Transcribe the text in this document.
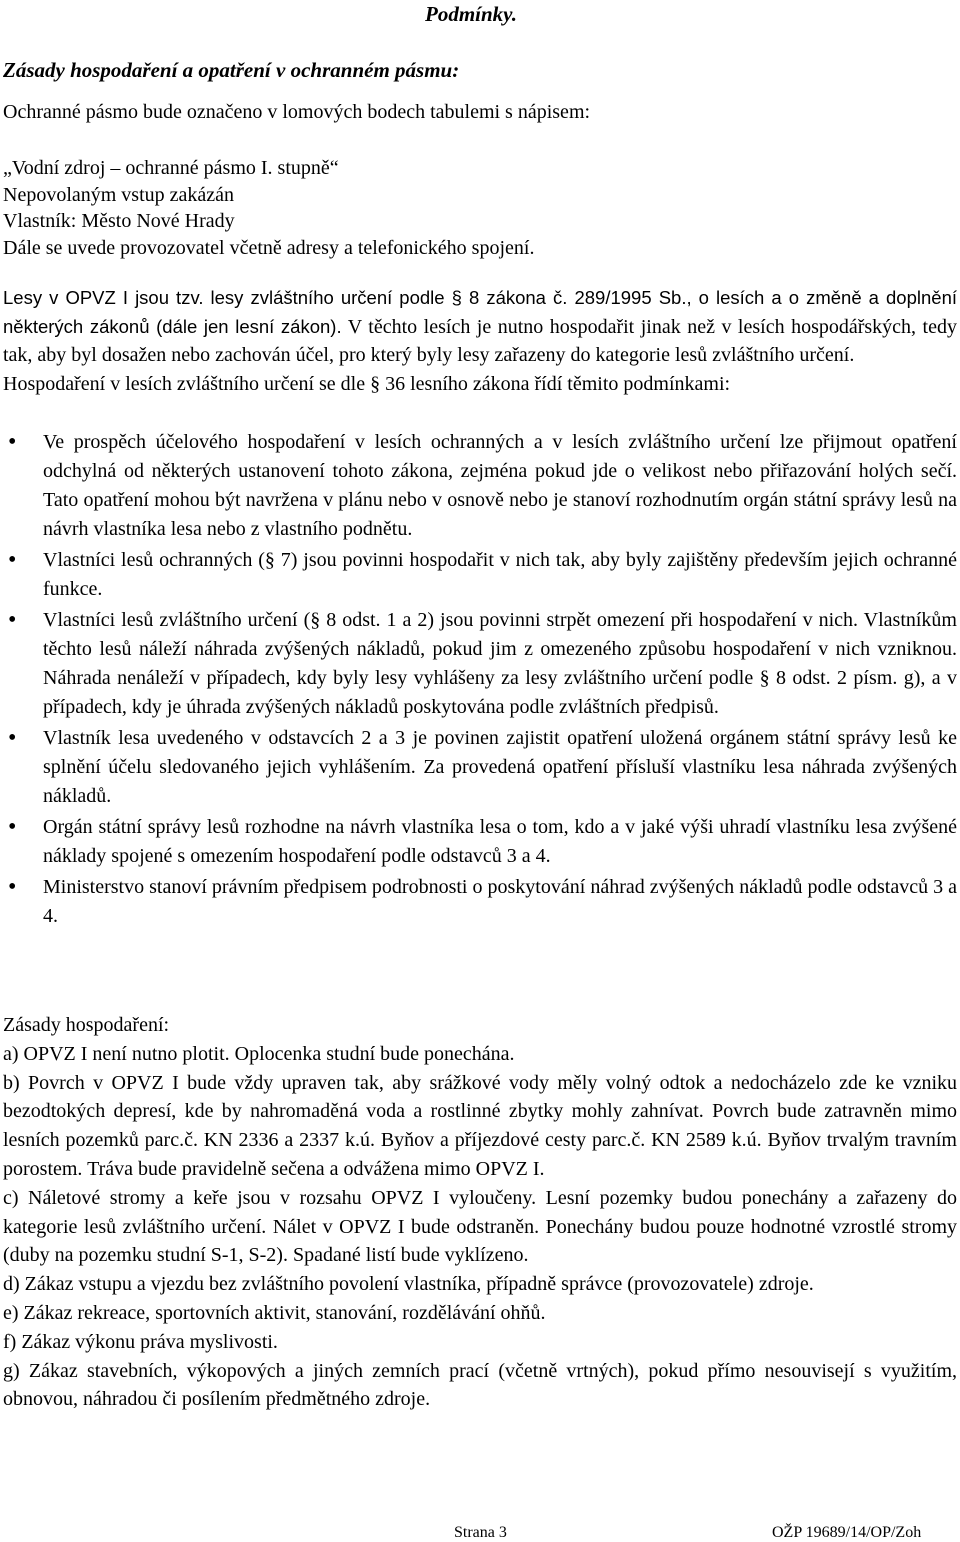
Podmínky.
Zásady hospodaření a opatření v ochranném pásmu:

Ochranné pásmo bude označeno v lomových bodech tabulemi s nápisem:

„Vodní zdroj – ochranné pásmo I. stupně“
Nepovolaným vstup zakázán
Vlastník: Město Nové Hrady
Dále se uvede provozovatel včetně adresy a telefonického spojení.

Lesy v OPVZ I jsou tzv. lesy zvláštního určení podle § 8 zákona č. 289/1995 Sb., o lesích a o změně a doplnění některých zákonů (dále jen lesní zákon). V těchto lesích je nutno hospodařit jinak než v lesích hospodářských, tedy tak, aby byl dosažen nebo zachován účel, pro který byly lesy zařazeny do kategorie lesů zvláštního určení.

Hospodaření v lesích zvláštního určení se dle § 36 lesního zákona řídí těmito podmínkami:

• Ve prospěch účelového hospodaření v lesích ochranných a v lesích zvláštního určení lze přijmout opatření odchylná od některých ustanovení tohoto zákona, zejména pokud jde o velikost nebo přiřazování holých sečí. Tato opatření mohou být navržena v plánu nebo v osnově nebo je stanoví rozhodnutím orgán státní správy lesů na návrh vlastníka lesa nebo z vlastního podnětu.
• Vlastníci lesů ochranných (§ 7) jsou povinni hospodařit v nich tak, aby byly zajištěny především jejich ochranné funkce.
• Vlastníci lesů zvláštního určení (§ 8 odst. 1 a 2) jsou povinni strpět omezení při hospodaření v nich. Vlastníkům těchto lesů náleží náhrada zvýšených nákladů, pokud jim z omezeného způsobu hospodaření v nich vzniknou. Náhrada nenáleží v případech, kdy byly lesy vyhlášeny za lesy zvláštního určení podle § 8 odst. 2 písm. g), a v případech, kdy je úhrada zvýšených nákladů poskytována podle zvláštních předpisů.
• Vlastník lesa uvedeného v odstavcích 2 a 3 je povinen zajistit opatření uložená orgánem státní správy lesů ke splnění účelu sledovaného jejich vyhlášením. Za provedená opatření přísluší vlastníku lesa náhrada zvýšených nákladů.
• Orgán státní správy lesů rozhodne na návrh vlastníka lesa o tom, kdo a v jaké výši uhradí vlastníku lesa zvýšené náklady spojené s omezením hospodaření podle odstavců 3 a 4.
• Ministerstvo stanoví právním předpisem podrobnosti o poskytování náhrad zvýšených nákladů podle odstavců 3 a 4.

Zásady hospodaření:

a) OPVZ I není nutno plotit. Oplocenka studní bude ponechána.

b) Povrch v OPVZ I bude vždy upraven tak, aby srážkové vody měly volný odtok a nedocházelo zde ke vzniku bezodtokých depresí, kde by nahromaděná voda a rostlinné zbytky mohly zahnívat. Povrch bude zatravněn mimo lesních pozemků parc.č. KN 2336 a 2337 k.ú. Byňov a příjezdové cesty parc.č. KN 2589 k.ú. Byňov trvalým travním porostem. Tráva bude pravidelně sečena a odvážena mimo OPVZ I.

c) Náletové stromy a keře jsou v rozsahu OPVZ I vyloučeny. Lesní pozemky budou ponechány a zařazeny do kategorie lesů zvláštního určení. Nálet v OPVZ I bude odstraněn. Ponechány budou pouze hodnotné vzrostlé stromy (duby na pozemku studní S-1, S-2). Spadané listí bude vyklízeno.

d) Zákaz vstupu a vjezdu bez zvláštního povolení vlastníka, případně správce (provozovatele) zdroje.

e) Zákaz rekreace, sportovních aktivit, stanování, rozdělávání ohňů.

f) Zákaz výkonu práva myslivosti.

g) Zákaz stavebních, výkopových a jiných zemních prací (včetně vrtných), pokud přímo nesouvisejí s využitím, obnovou, náhradou či posílením předmětného zdroje.

Strana 3	OŽP 19689/14/OP/Zoh
